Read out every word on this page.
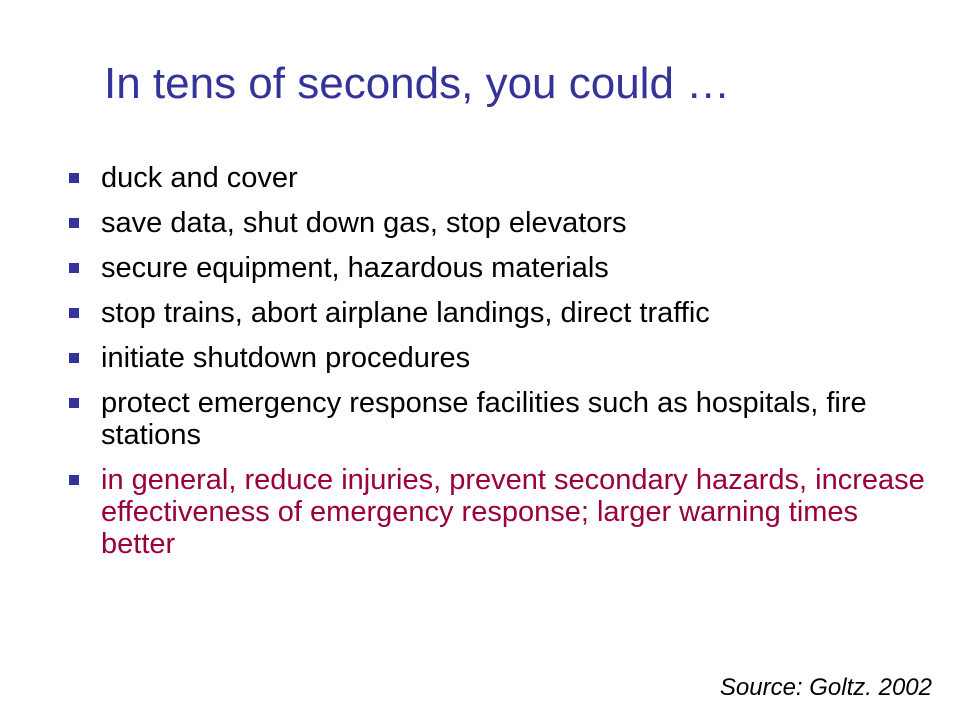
In tens of seconds, you could …
duck and cover
save data, shut down gas, stop elevators
secure equipment, hazardous materials
stop trains, abort airplane landings, direct traffic
initiate shutdown procedures
protect emergency response facilities such as hospitals, fire stations
in general, reduce injuries, prevent secondary hazards, increase effectiveness of emergency response; larger warning times better
Source: Goltz. 2002
